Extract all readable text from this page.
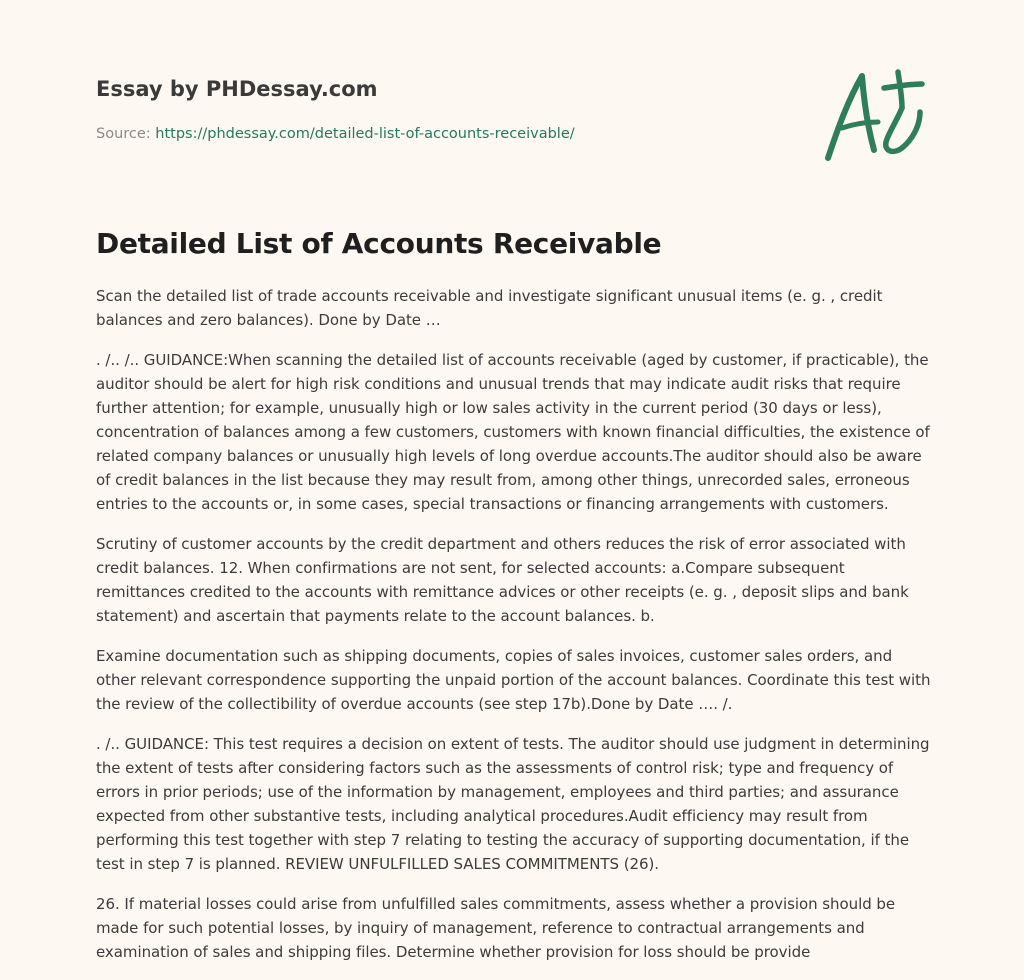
Essay by PHDessay.com
Source: https://phdessay.com/detailed-list-of-accounts-receivable/
Detailed List of Accounts Receivable

Scan the detailed list of trade accounts receivable and investigate significant unusual items (e. g. , credit balances and zero balances). Done by Date …

. /.. /.. GUIDANCE:When scanning the detailed list of accounts receivable (aged by customer, if practicable), the auditor should be alert for high risk conditions and unusual trends that may indicate audit risks that require further attention; for example, unusually high or low sales activity in the current period (30 days or less), concentration of balances among a few customers, customers with known financial difficulties, the existence of related company balances or unusually high levels of long overdue accounts.The auditor should also be aware of credit balances in the list because they may result from, among other things, unrecorded sales, erroneous entries to the accounts or, in some cases, special transactions or financing arrangements with customers.

Scrutiny of customer accounts by the credit department and others reduces the risk of error associated with credit balances. 12. When confirmations are not sent, for selected accounts: a.Compare subsequent remittances credited to the accounts with remittance advices or other receipts (e. g. , deposit slips and bank statement) and ascertain that payments relate to the account balances. b.

Examine documentation such as shipping documents, copies of sales invoices, customer sales orders, and other relevant correspondence supporting the unpaid portion of the account balances. Coordinate this test with the review of the collectibility of overdue accounts (see step 17b).Done by Date …. /.

. /.. GUIDANCE: This test requires a decision on extent of tests. The auditor should use judgment in determining the extent of tests after considering factors such as the assessments of control risk; type and frequency of errors in prior periods; use of the information by management, employees and third parties; and assurance expected from other substantive tests, including analytical procedures.Audit efficiency may result from performing this test together with step 7 relating to testing the accuracy of supporting documentation, if the test in step 7 is planned. REVIEW UNFULFILLED SALES COMMITMENTS (26).

26. If material losses could arise from unfulfilled sales commitments, assess whether a provision should be made for such potential losses, by inquiry of management, reference to contractual arrangements and examination of sales and shipping files. Determine whether provision for loss should be provide
